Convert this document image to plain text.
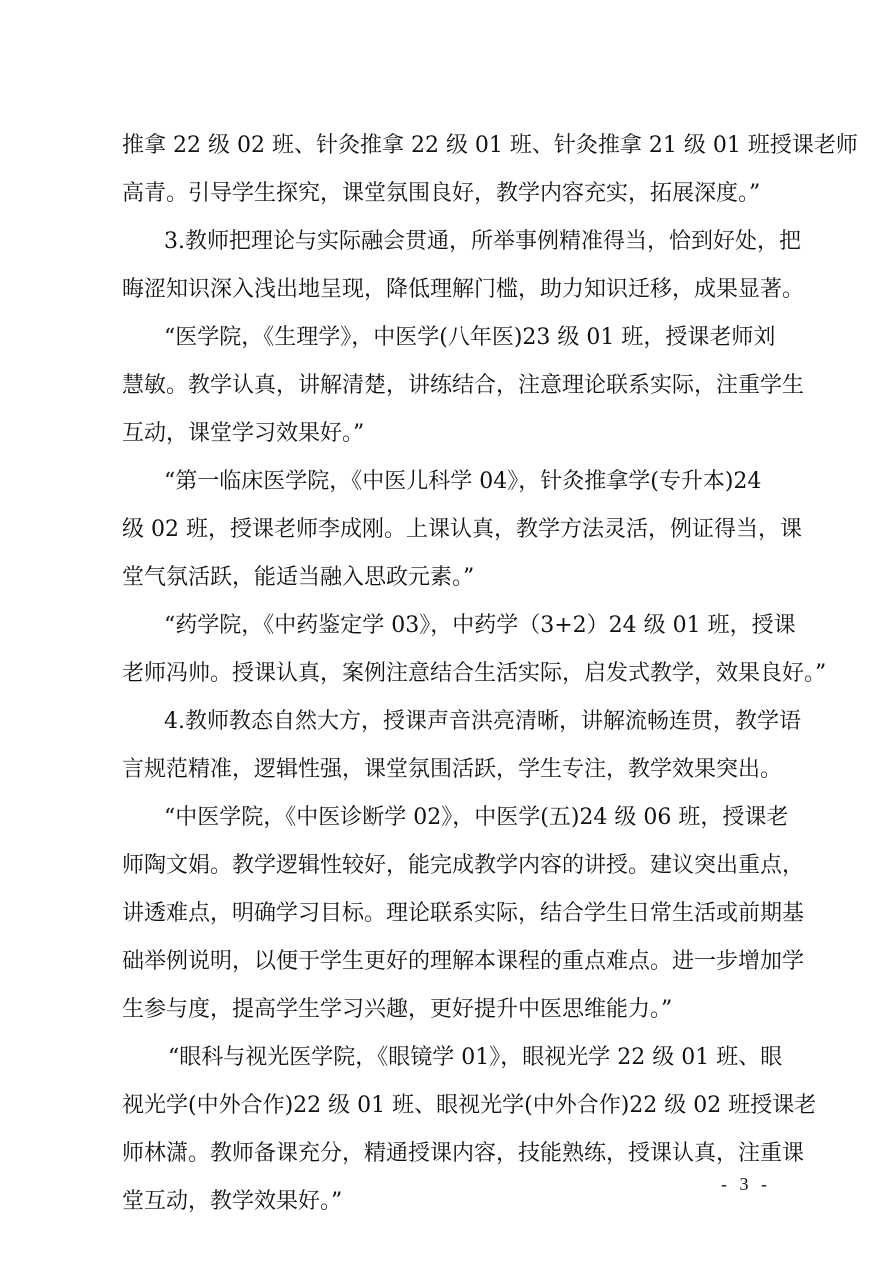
推拿 22 级 02 班、针灸推拿 22 级 01 班、针灸推拿 21 级 01 班授课老师

高青。引导学生探究，课堂氛围良好，教学内容充实，拓展深度。”

3.教师把理论与实际融会贯通，所举事例精准得当，恰到好处，把

晦涩知识深入浅出地呈现，降低理解门槛，助力知识迁移，成果显著。

“医学院，《生理学》，中医学(八年医)23 级 01 班，授课老师刘

慧敏。教学认真，讲解清楚，讲练结合，注意理论联系实际，注重学生

互动，课堂学习效果好。”

“第一临床医学院，《中医儿科学 04》，针灸推拿学(专升本)24

级 02 班，授课老师李成刚。上课认真，教学方法灵活，例证得当，课

堂气氛活跃，能适当融入思政元素。”

“药学院，《中药鉴定学 03》，中药学（3+2）24 级 01 班，授课

老师冯帅。授课认真，案例注意结合生活实际，启发式教学，效果良好。”

4.教师教态自然大方，授课声音洪亮清晰，讲解流畅连贯，教学语

言规范精准，逻辑性强，课堂氛围活跃，学生专注，教学效果突出。

“中医学院，《中医诊断学 02》，中医学(五)24 级 06 班，授课老

师陶文娟。教学逻辑性较好，能完成教学内容的讲授。建议突出重点，

讲透难点，明确学习目标。理论联系实际，结合学生日常生活或前期基

础举例说明，以便于学生更好的理解本课程的重点难点。进一步增加学

生参与度，提高学生学习兴趣，更好提升中医思维能力。”

“眼科与视光医学院，《眼镜学 01》，眼视光学 22 级 01 班、眼

视光学(中外合作)22 级 01 班、眼视光学(中外合作)22 级 02 班授课老

师林潇。教师备课充分，精通授课内容，技能熟练，授课认真，注重课

堂互动，教学效果好。”

- 3 -
